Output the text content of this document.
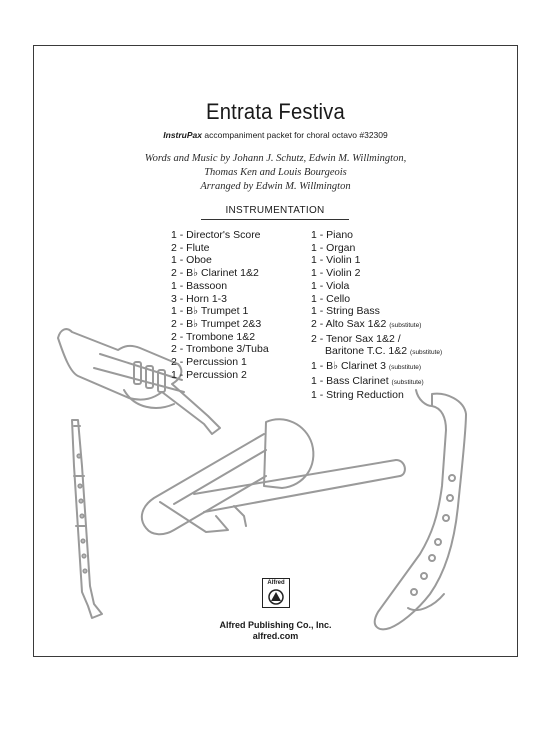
Entrata Festiva
InstruPax accompaniment packet for choral octavo #32309
Words and Music by Johann J. Schutz, Edwin M. Willmington,
Thomas Ken and Louis Bourgeois
Arranged by Edwin M. Willmington
INSTRUMENTATION
1 - Director's Score
2 - Flute
1 - Oboe
2 - B♭ Clarinet 1&2
1 - Bassoon
3 - Horn 1-3
1 - B♭ Trumpet 1
2 - B♭ Trumpet 2&3
2 - Trombone 1&2
2 - Trombone 3/Tuba
2 - Percussion 1
1 - Percussion 2
1 - Piano
1 - Organ
1 - Violin 1
1 - Violin 2
1 - Viola
1 - Cello
1 - String Bass
2 - Alto Sax 1&2 (substitute)
2 - Tenor Sax 1&2 /
Baritone T.C. 1&2 (substitute)
1 - B♭ Clarinet 3 (substitute)
1 - Bass Clarinet (substitute)
1 - String Reduction
Alfred
Alfred Publishing Co., Inc.
alfred.com
